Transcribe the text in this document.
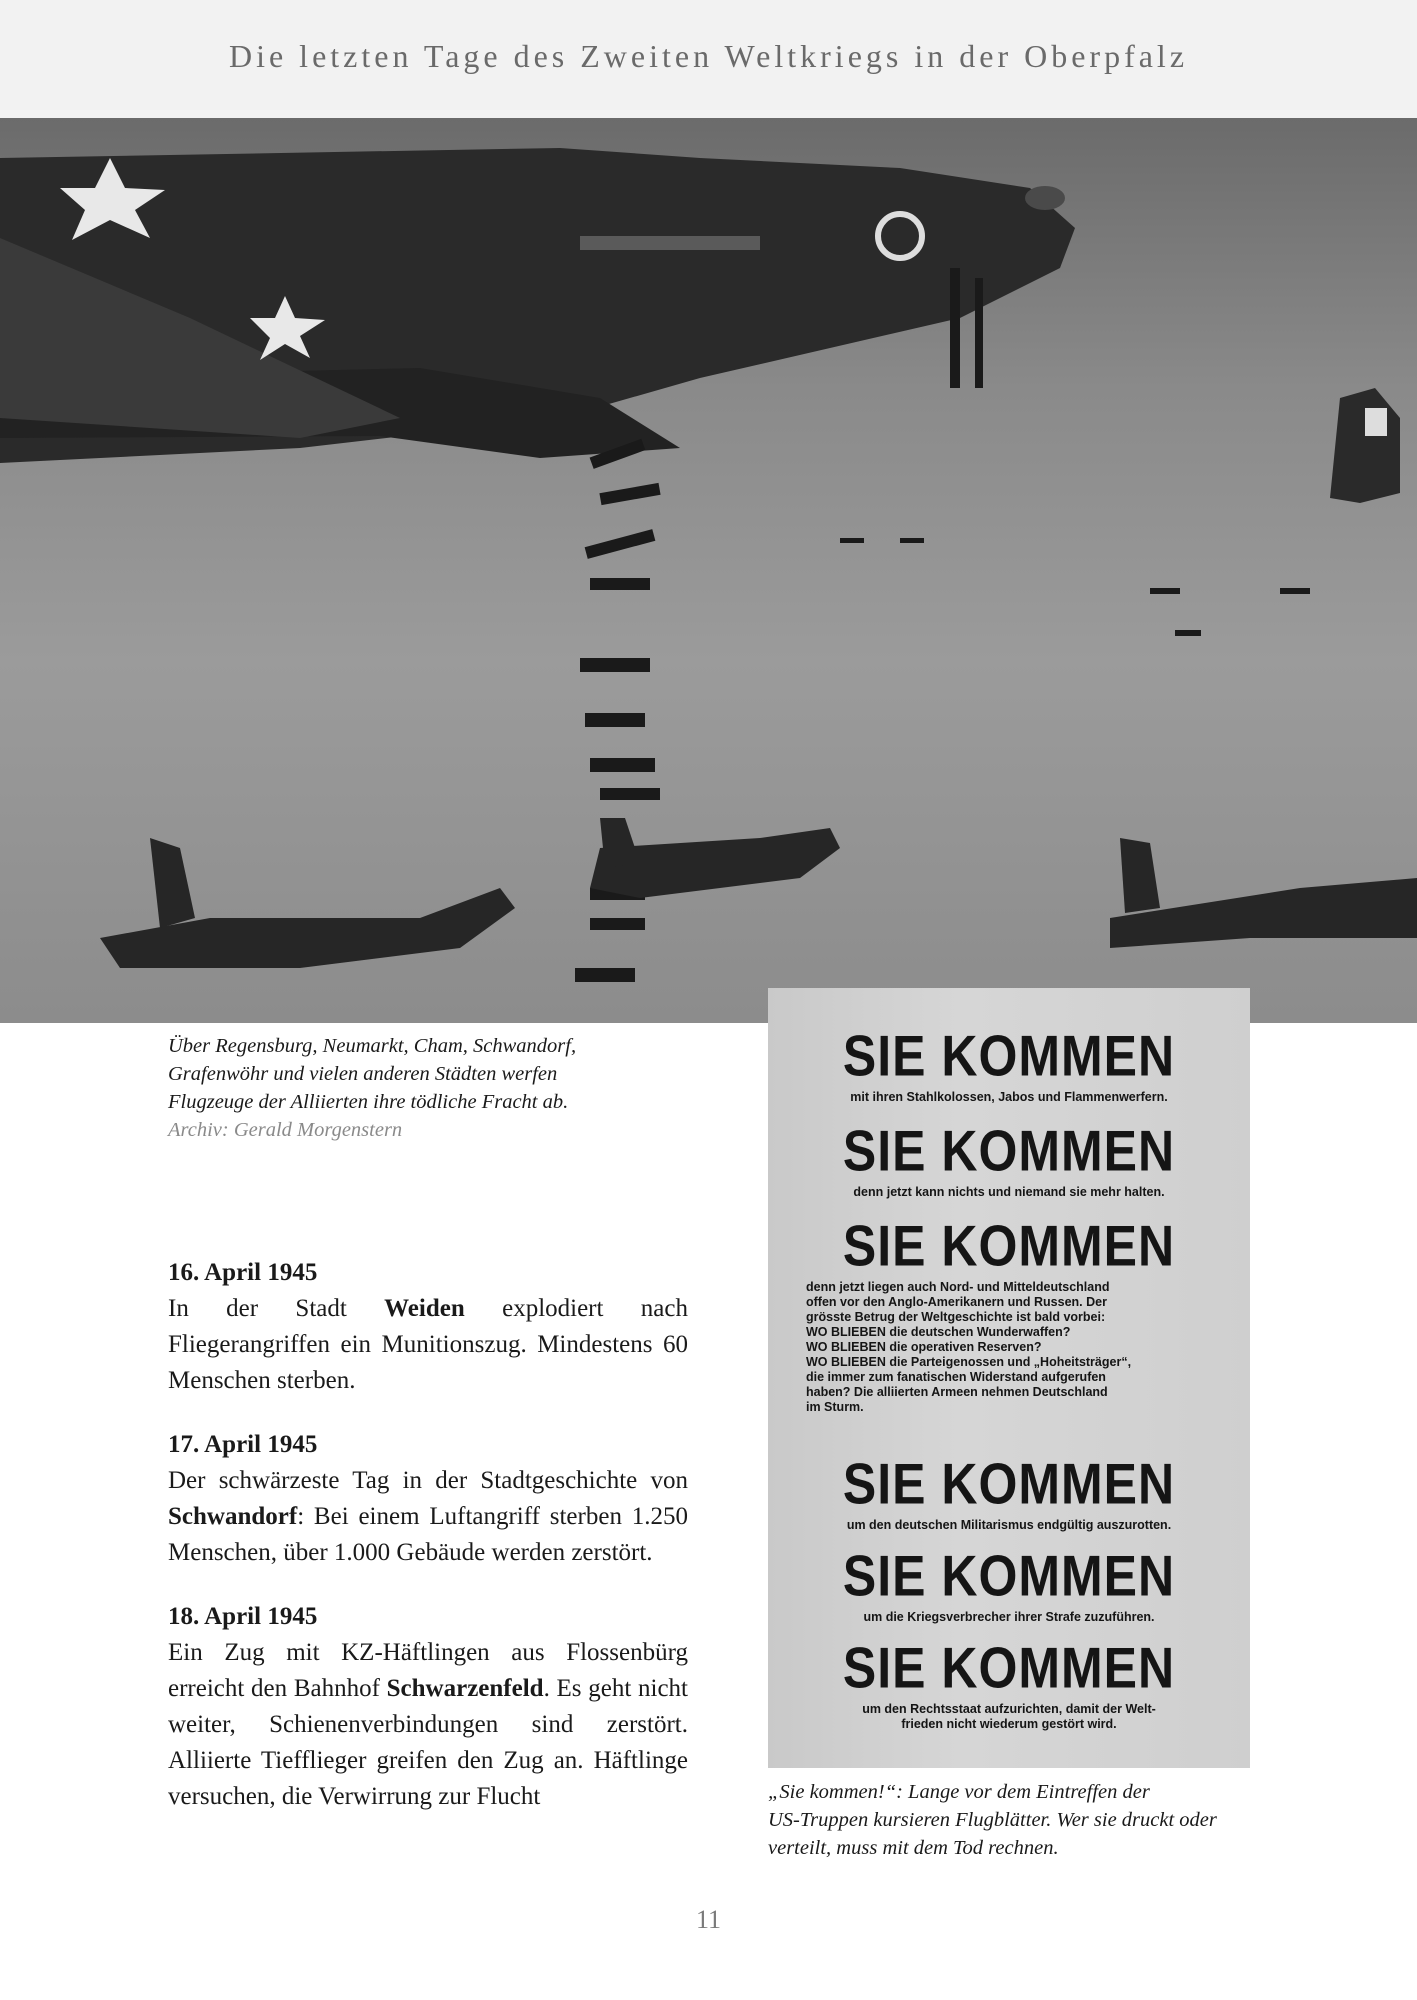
Die letzten Tage des Zweiten Weltkriegs in der Oberpfalz
Über Regensburg, Neumarkt, Cham, Schwandorf,
Grafenwöhr und vielen anderen Städten werfen
Flugzeuge der Alliierten ihre tödliche Fracht ab.
Archiv: Gerald Morgenstern
16. April 1945
In der Stadt Weiden explodiert nach Fliegerangriffen ein Munitionszug. Mindestens 60 Menschen sterben.
17. April 1945
Der schwärzeste Tag in der Stadtgeschichte von Schwandorf: Bei einem Luftangriff sterben 1.250 Menschen, über 1.000 Gebäude werden zerstört.
18. April 1945
Ein Zug mit KZ-Häftlingen aus Flossenbürg erreicht den Bahnhof Schwarzenfeld. Es geht nicht weiter, Schienenverbindungen sind zerstört. Alliierte Tiefflieger greifen den Zug an. Häftlinge versuchen, die Verwirrung zur Flucht
SIE KOMMEN
mit ihren Stahlkolossen, Jabos und Flammenwerfern.
SIE KOMMEN
denn jetzt kann nichts und niemand sie mehr halten.
SIE KOMMEN
denn jetzt liegen auch Nord- und Mitteldeutschland
offen vor den Anglo-Amerikanern und Russen. Der
grösste Betrug der Weltgeschichte ist bald vorbei:
WO BLIEBEN die deutschen Wunderwaffen?
WO BLIEBEN die operativen Reserven?
WO BLIEBEN die Parteigenossen und „Hoheitsträger“,
die immer zum fanatischen Widerstand aufgerufen
haben? Die alliierten Armeen nehmen Deutschland
im Sturm.
SIE KOMMEN
um den deutschen Militarismus endgültig auszurotten.
SIE KOMMEN
um die Kriegsverbrecher ihrer Strafe zuzuführen.
SIE KOMMEN
um den Rechtsstaat aufzurichten, damit der Welt-
frieden nicht wiederum gestört wird.
„Sie kommen!“: Lange vor dem Eintreffen der
US-Truppen kursieren Flugblätter. Wer sie druckt oder
verteilt, muss mit dem Tod rechnen.
11
